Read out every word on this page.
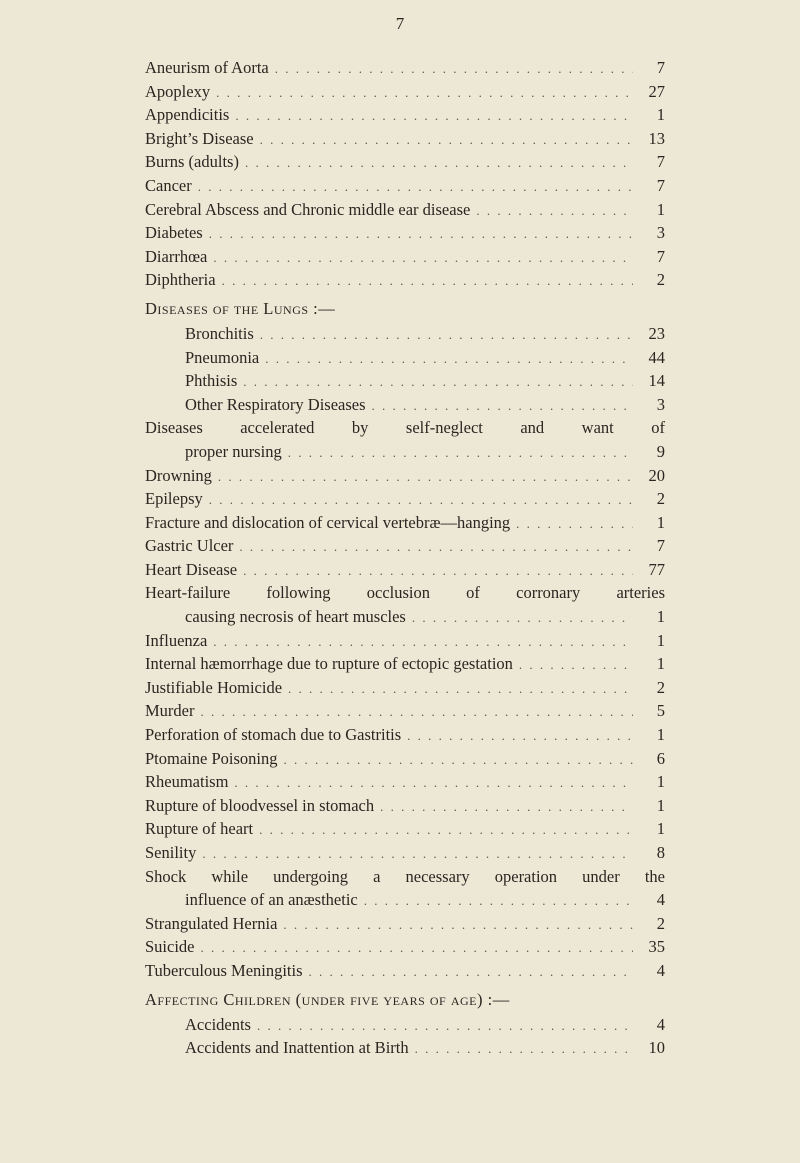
7
Aneurism of Aorta . . .	7
Apoplexy . . .	27
Appendicitis . . .	1
Bright’s Disease . . .	13
Burns (adults) . . .	7
Cancer . . .	7
Cerebral Abscess and Chronic middle ear disease . . .	1
Diabetes . . .	3
Diarrhœa . . .	7
Diphtheria . . .	2
Diseases of the Lungs :—
Bronchitis . . .	23
Pneumonia . . .	44
Phthisis . . .	14
Other Respiratory Diseases . . .	3
Diseases accelerated by self-neglect and want of
proper nursing . . .	9
Drowning . . .	20
Epilepsy . . .	2
Fracture and dislocation of cervical vertebræ—hanging . . .	1
Gastric Ulcer . . .	7
Heart Disease . . .	77
Heart-failure following occlusion of corronary arteries
causing necrosis of heart muscles . . .	1
Influenza . . .	1
Internal hæmorrhage due to rupture of ectopic gestation . . .	1
Justifiable Homicide . . .	2
Murder . . .	5
Perforation of stomach due to Gastritis . . .	1
Ptomaine Poisoning . . .	6
Rheumatism . . .	1
Rupture of bloodvessel in stomach . . .	1
Rupture of heart . . .	1
Senility . . .	8
Shock while undergoing a necessary operation under the
influence of an anæsthetic . . .	4
Strangulated Hernia . . .	2
Suicide . . .	35
Tuberculous Meningitis . . .	4
Affecting Children (under five years of age) :—
Accidents . . .	4
Accidents and Inattention at Birth . . .	10
